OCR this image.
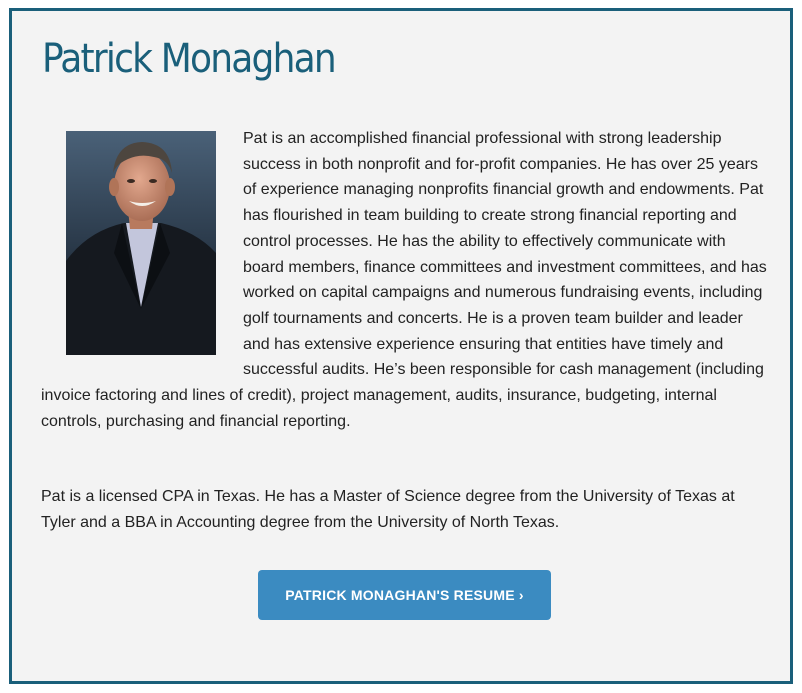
Patrick Monaghan

Pat is an accomplished financial professional with strong leadership success in both nonprofit and for-profit companies. He has over 25 years of experience managing nonprofits financial growth and endowments. Pat has flourished in team building to create strong financial reporting and control processes. He has the ability to effectively communicate with board members, finance committees and investment committees, and has worked on capital campaigns and numerous fundraising events, including golf tournaments and concerts. He is a proven team builder and leader and has extensive experience ensuring that entities have timely and successful audits. He’s been responsible for cash management (including invoice factoring and lines of credit), project management, audits, insurance, budgeting, internal controls, purchasing and financial reporting.

Pat is a licensed CPA in Texas. He has a Master of Science degree from the University of Texas at Tyler and a BBA in Accounting degree from the University of North Texas.

PATRICK MONAGHAN'S RESUME ›
